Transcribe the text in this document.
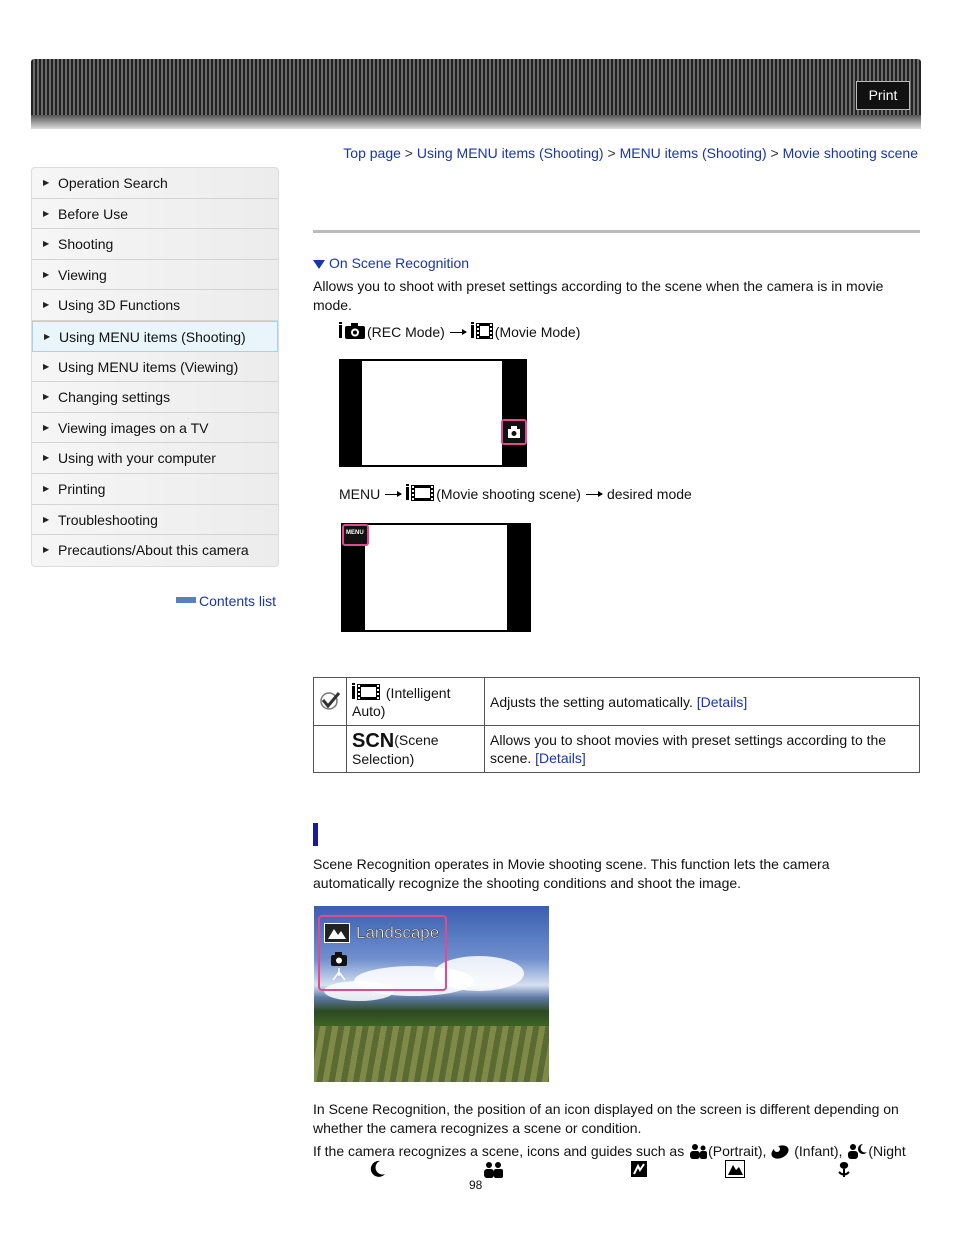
Print
Top page > Using MENU items (Shooting) > MENU items (Shooting) > Movie shooting scene
▶ Operation Search
▶ Before Use
▶ Shooting
▶ Viewing
▶ Using 3D Functions
▶ Using MENU items (Shooting)
▶ Using MENU items (Viewing)
▶ Changing settings
▶ Viewing images on a TV
▶ Using with your computer
▶ Printing
▶ Troubleshooting
▶ Precautions/About this camera
Contents list
On Scene Recognition
Allows you to shoot with preset settings according to the scene when the camera is in movie mode.
(REC Mode)	(Movie Mode)
MENU	(Movie shooting scene) desired mode
MENU
	(Intelligent
Auto)	Adjusts the setting automatically. [Details]
	SCN(Scene
Selection)	Allows you to shoot movies with preset settings according to the scene. [Details]
Scene Recognition operates in Movie shooting scene. This function lets the camera automatically recognize the shooting conditions and shoot the image.
Landscape
In Scene Recognition, the position of an icon displayed on the screen is different depending on whether the camera recognizes a scene or condition.
If the camera recognizes a scene, icons and guides such as (Portrait), (Infant), (Night
98
